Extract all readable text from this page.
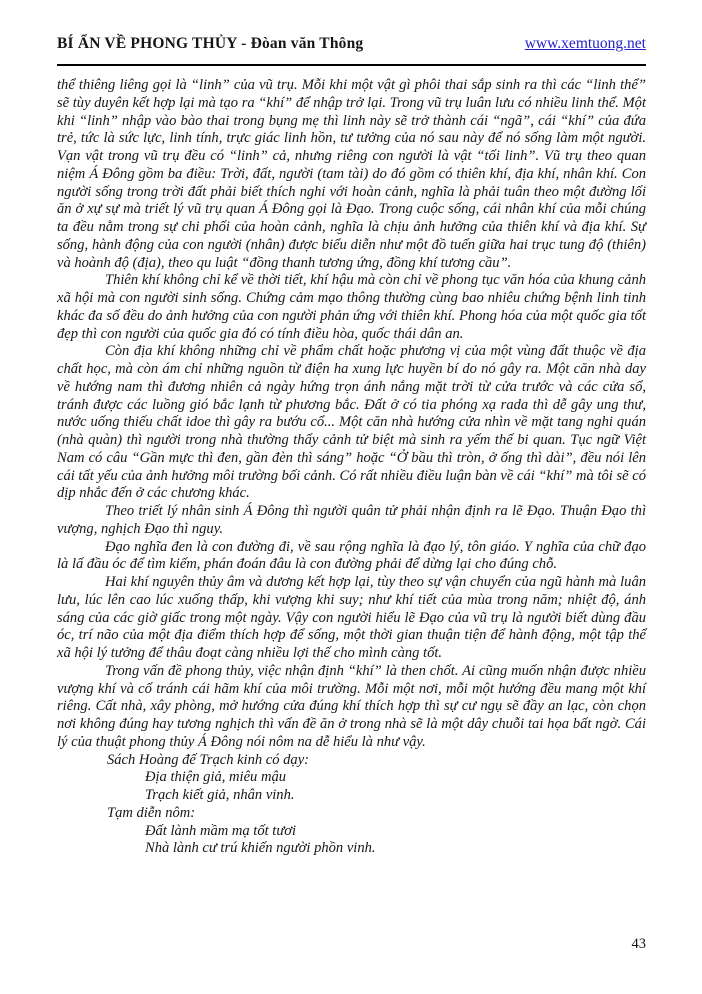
BÍ ẨN VỀ PHONG THỦY - Đòan văn Thông	www.xemtuong.net

thể thiêng liêng gọi là “linh” của vũ trụ. Mỗi khi một vật gì phôi thai sắp sinh ra thì các “linh thể” sẽ tùy duyên kết hợp lại mà tạo ra “khí” để nhập trở lại. Trong vũ trụ luân lưu có nhiều linh thể. Một khi “linh” nhập vào bào thai trong bụng mẹ thì linh này sẽ trở thành cái “ngã”, cái “khí” của đứa trẻ, tức là sức lực, linh tính, trực giác linh hồn, tư tưởng của nó sau này để nó sống làm một người. Vạn vật trong vũ trụ đều có “linh” cả, nhưng riêng con người là vật “tối linh”. Vũ trụ theo quan niệm Á Đông gồm ba điều: Trời, đất, người (tam tài) do đó gồm có thiên khí, địa khí, nhân khí. Con người sống trong trời đất phải biết thích nghi với hoàn cảnh, nghĩa là phải tuân theo một đường lối ăn ở xự sự mà triết lý vũ trụ quan Á Đông gọi là Đạo. Trong cuộc sống, cái nhân khí của mỗi chúng ta đều nằm trong sự chi phối của hoàn cảnh, nghĩa là chịu ảnh hưởng của thiên khí và địa khí. Sự sống, hành động của con người (nhân) được biểu diễn như một đồ tuến giữa hai trục tung độ (thiên) và hoành độ (địa), theo qu luật “đồng thanh tương ứng, đồng khí tương cầu”.

Thiên khí không chỉ kể về thời tiết, khí hậu mà còn chỉ về phong tục văn hóa của khung cảnh xã hội mà con người sinh sống. Chứng cảm mạo thông thường cùng bao nhiêu chứng bệnh linh tinh khác đa số đều do ảnh hưởng của con người phản ứng với thiên khí. Phong hóa của một quốc gia tốt đẹp thì con người của quốc gia đó có tính điều hòa, quốc thái dân an.

Còn địa khí không những chỉ về phẩm chất hoặc phương vị của một vùng đất thuộc về địa chất học, mà còn ám chỉ những nguồn từ điện ha xung lực huyền bí do nó gây ra. Một căn nhà day về hướng nam thì đương nhiên cả ngày hứng trọn ánh nắng mặt trời từ cửa trước và các cửa sổ, tránh được các luồng gió bắc lạnh từ phương bắc. Đất ở có tia phóng xạ rada thì dễ gây ung thư, nước uống thiếu chất idoe thì gây ra bướu cổ... Một căn nhà hướng cửa nhìn về mặt tang nghi quán (nhà quàn) thì người trong nhà thường thấy cảnh tử biệt mà sinh ra yếm thế bi quan. Tục ngữ Việt Nam có câu “Gần mực thì đen, gần đèn thì sáng” hoặc “Ở bầu thì tròn, ở ống thì dài”, đều nói lên cái tất yếu của ảnh hưởng môi trường bối cảnh. Có rất nhiều điều luận bàn về cái “khí” mà tôi sẽ có dịp nhắc đến ở các chương khác.

Theo triết lý nhân sinh Á Đông thì người quân tử phải nhận định ra lẽ Đạo. Thuận Đạo thì vượng, nghịch Đạo thì nguy.

Đạo nghĩa đen là con đường đi, về sau rộng nghĩa là đạo lý, tôn giáo. Y nghĩa của chữ đạo là lấ đầu óc để tìm kiếm, phán đoán đâu là con đường phải để dừng lại cho đúng chỗ.

Hai khí nguyên thủy âm và dương kết hợp lại, tùy theo sự vận chuyển của ngũ hành mà luân lưu, lúc lên cao lúc xuống thấp, khi vượng khi suy; như khí tiết của mùa trong năm; nhiệt độ, ánh sáng của các giờ giấc trong một ngày. Vậy con người hiểu lẽ Đạo của vũ trụ là người biết dùng đầu óc, trí não của một địa điểm thích hợp để sống, một thời gian thuận tiện để hành động, một tập thể xã hội lý tưởng để thâu đoạt càng nhiều lợi thế cho mình càng tốt.

Trong vấn đề phong thủy, việc nhận định “khí” là then chốt. Ai cũng muốn nhận được nhiều vượng khí và cố tránh cái hãm khí của môi trường. Mỗi một nơi, mỗi một hướng đều mang một khí riêng. Cất nhà, xây phòng, mở hướng cửa đúng khí thích hợp thì sự cư ngụ sẽ đầy an lạc, còn chọn nơi không đúng hay tương nghịch thì vấn đề ăn ở trong nhà sẽ là một dây chuỗi tai họa bất ngờ. Cái lý của thuật phong thủy Á Đông nói nôm na dễ hiểu là như vậy.

Sách Hoàng đế Trạch kinh có dạy:
Địa thiện giả, miêu mậu
Trạch kiết giả, nhân vinh.
Tạm diễn nôm:
Đất lành mầm mạ tốt tươi
Nhà lành cư trú khiến người phồn vinh.
43
